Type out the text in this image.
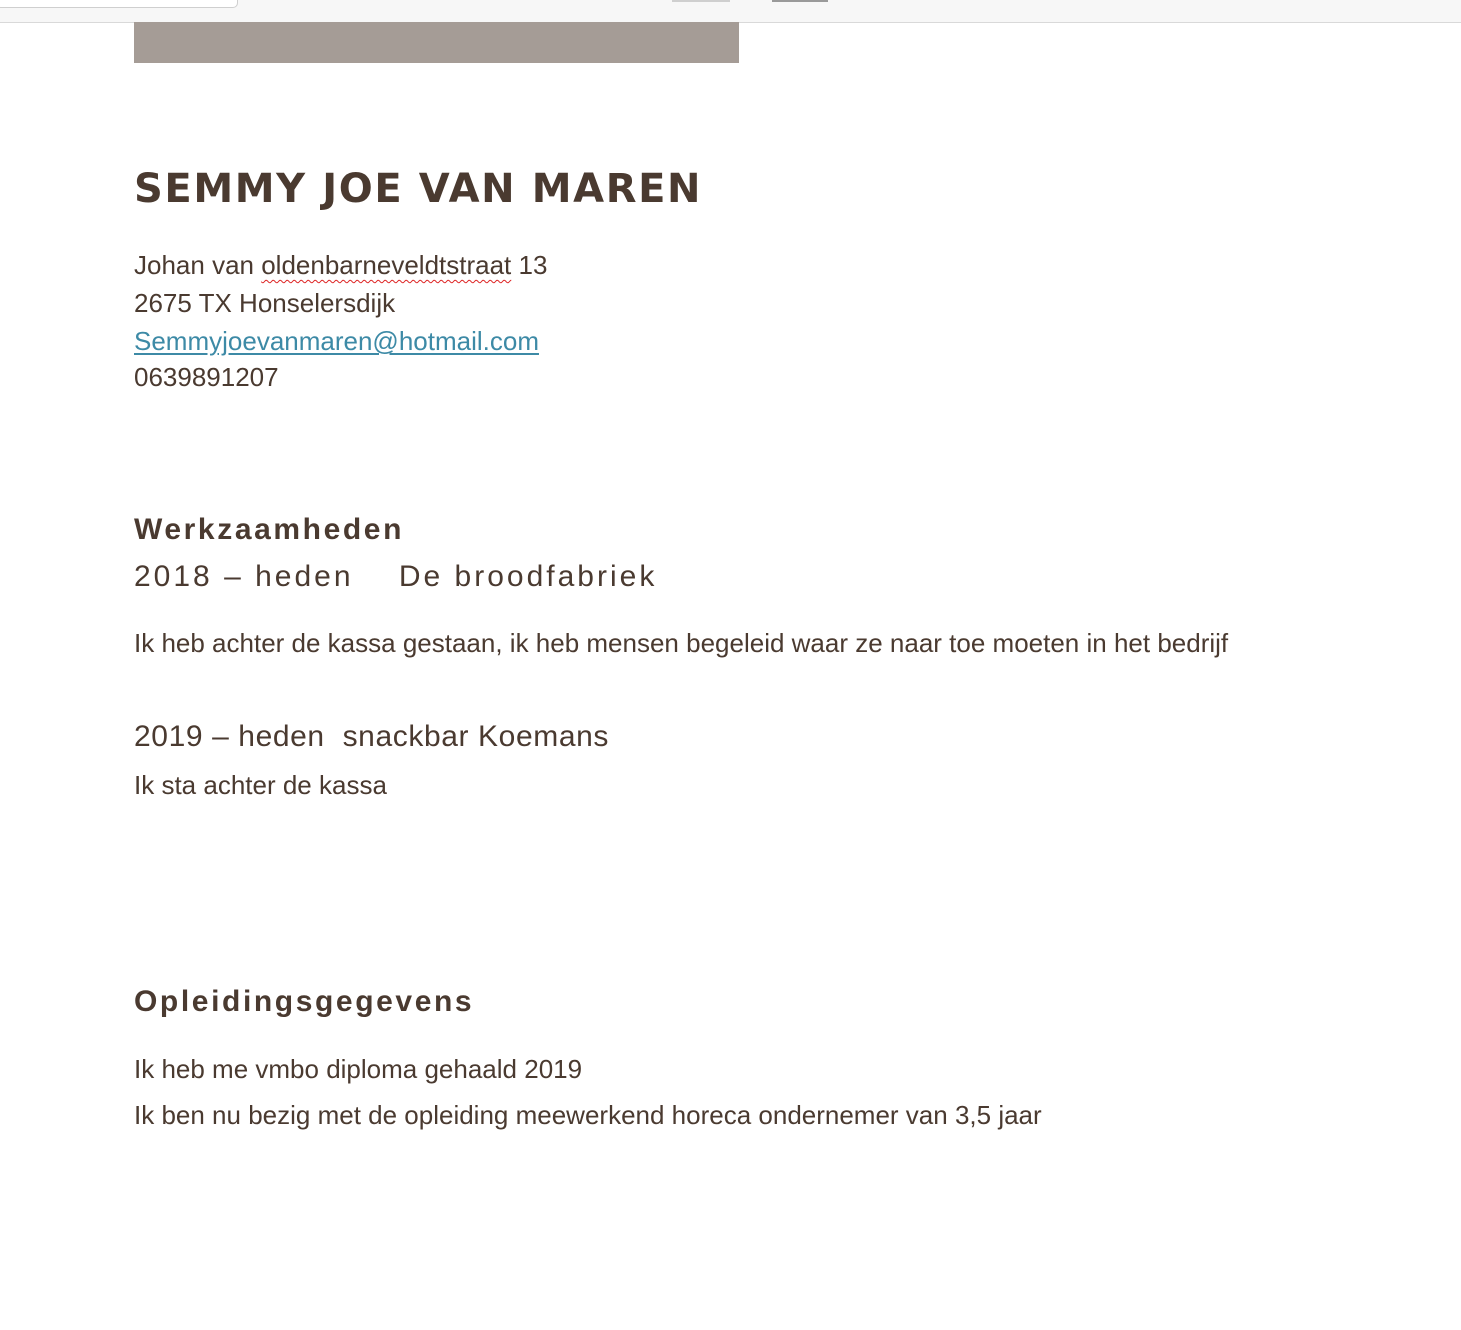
SEMMY JOE VAN MAREN
Johan van oldenbarneveldtstraat 13
2675 TX Honselersdijk
Semmyjoevanmaren@hotmail.com
0639891207
Werkzaamheden
2018 – heden    De broodfabriek
Ik heb achter de kassa gestaan, ik heb mensen begeleid waar ze naar toe moeten in het bedrijf
2019 – heden  snackbar Koemans
Ik sta achter de kassa
Opleidingsgegevens
Ik heb me vmbo diploma gehaald 2019
Ik ben nu bezig met de opleiding meewerkend horeca ondernemer van 3,5 jaar
